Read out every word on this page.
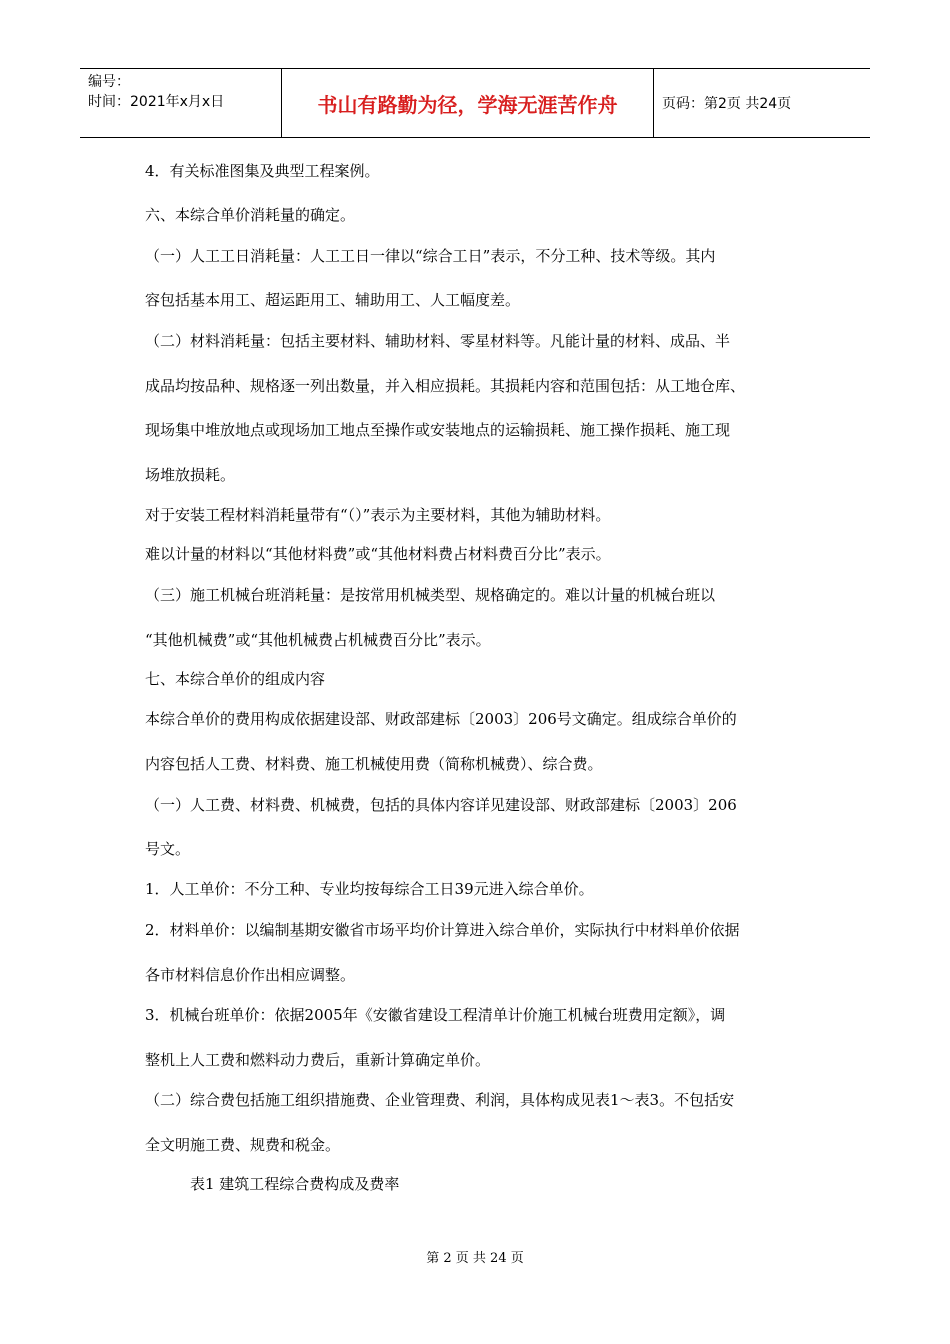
编号：
时间：2021年x月x日	书山有路勤为径，学海无涯苦作舟	页码：第2页 共24页
4．有关标准图集及典型工程案例。
六、本综合单价消耗量的确定。
（一）人工工日消耗量：人工工日一律以“综合工日”表示，不分工种、技术等级。其内
容包括基本用工、超运距用工、辅助用工、人工幅度差。
（二）材料消耗量：包括主要材料、辅助材料、零星材料等。凡能计量的材料、成品、半
成品均按品种、规格逐一列出数量，并入相应损耗。其损耗内容和范围包括：从工地仓库、
现场集中堆放地点或现场加工地点至操作或安装地点的运输损耗、施工操作损耗、施工现
场堆放损耗。
对于安装工程材料消耗量带有“（）”表示为主要材料，其他为辅助材料。
难以计量的材料以“其他材料费”或“其他材料费占材料费百分比”表示。
（三）施工机械台班消耗量：是按常用机械类型、规格确定的。难以计量的机械台班以
“其他机械费”或“其他机械费占机械费百分比”表示。
七、本综合单价的组成内容
本综合单价的费用构成依据建设部、财政部建标〔2003〕206号文确定。组成综合单价的
内容包括人工费、材料费、施工机械使用费（简称机械费）、综合费。
（一）人工费、材料费、机械费，包括的具体内容详见建设部、财政部建标〔2003〕206
号文。
1．人工单价：不分工种、专业均按每综合工日39元进入综合单价。
2．材料单价：以编制基期安徽省市场平均价计算进入综合单价，实际执行中材料单价依据
各市材料信息价作出相应调整。
3．机械台班单价：依据2005年《安徽省建设工程清单计价施工机械台班费用定额》，调
整机上人工费和燃料动力费后，重新计算确定单价。
（二）综合费包括施工组织措施费、企业管理费、利润，具体构成见表1～表3。不包括安
全文明施工费、规费和税金。
表1 建筑工程综合费构成及费率
第 2 页 共 24 页
